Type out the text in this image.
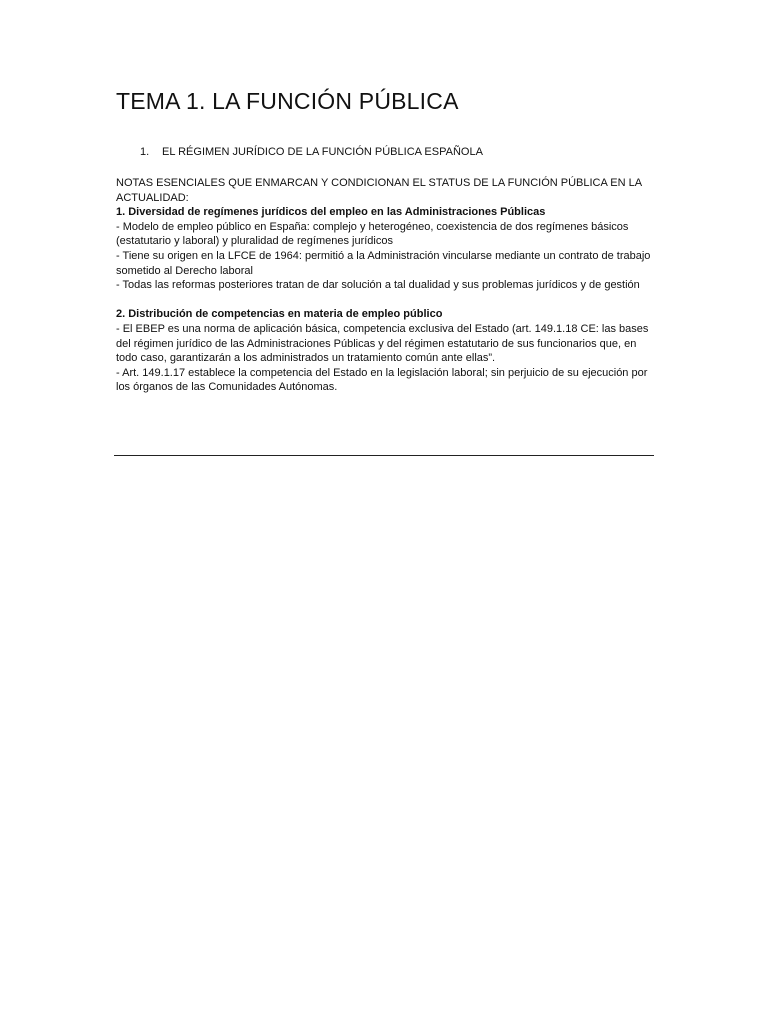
TEMA 1. LA FUNCIÓN PÚBLICA
1. EL RÉGIMEN JURÍDICO DE LA FUNCIÓN PÚBLICA ESPAÑOLA

NOTAS ESENCIALES QUE ENMARCAN Y CONDICIONAN EL STATUS DE LA FUNCIÓN PÚBLICA EN LA ACTUALIDAD:

1. Diversidad de regímenes jurídicos del empleo en las Administraciones Públicas

- Modelo de empleo público en España: complejo y heterogéneo, coexistencia de dos regímenes básicos (estatutario y laboral) y pluralidad de regímenes jurídicos

- Tiene su origen en la LFCE de 1964: permitió a la Administración vincularse mediante un contrato de trabajo sometido al Derecho laboral

- Todas las reformas posteriores tratan de dar solución a tal dualidad y sus problemas jurídicos y de gestión

2. Distribución de competencias en materia de empleo público

- El EBEP es una norma de aplicación básica, competencia exclusiva del Estado (art. 149.1.18 CE: las bases del régimen jurídico de las Administraciones Públicas y del régimen estatutario de sus funcionarios que, en todo caso, garantizarán a los administrados un tratamiento común ante ellas”.

- Art. 149.1.17 establece la competencia del Estado en la legislación laboral; sin perjuicio de su ejecución por los órganos de las Comunidades Autónomas.
